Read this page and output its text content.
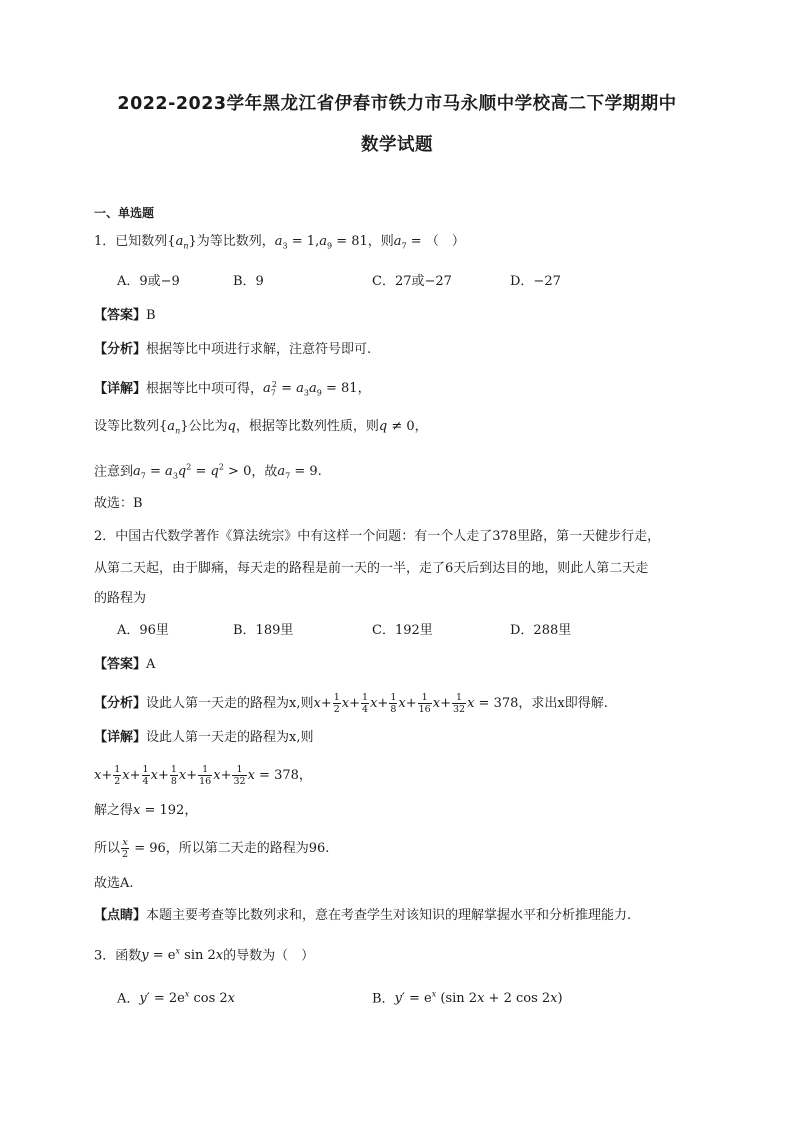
2022-2023学年黑龙江省伊春市铁力市马永顺中学校高二下学期期中
数学试题
一、单选题
1．已知数列$\{a_n\}$为等比数列，$a_3 = 1,a_9 = 81$，则$a_7$ = （　）
A．9或−9	B．9	C．27或−27	D．−27
【答案】B
【分析】根据等比中项进行求解，注意符号即可.
【详解】根据等比中项可得，$a_7^2 = a_3a_9 = 81$，
设等比数列$\{a_n\}$公比为q，根据等比数列性质，则q ≠ 0，
注意到$a_7 = a_3q^2 = q^2 > 0$，故$a_7 = 9$.
故选：B
2．中国古代数学著作《算法统宗》中有这样一个问题：有一个人走了378里路，第一天健步行走，
从第二天起，由于脚痛，每天走的路程是前一天的一半，走了6天后到达目的地，则此人第二天走
的路程为
A．96里	B．189里	C．192里	D．288里
【答案】A
【分析】设此人第一天走的路程为x,则$x+ \frac{1}{2} x+ \frac{1}{4} x+ \frac{1}{8} x+ \frac{1}{16} x+ \frac{1}{32}$ x = 378，求出x即得解.
【详解】设此人第一天走的路程为x,则
$x+ \frac{1}{2} x+ \frac{1}{4} x+ \frac{1}{8} x+ \frac{1}{16} x+ \frac{1}{32}$ x = 378，
解之得x = 192，
所以 $\frac{x}{2} = 96$，所以第二天走的路程为96.
故选A.
【点睛】本题主要考查等比数列求和，意在考查学生对该知识的理解掌握水平和分析推理能力.
3．函数$y = e^x$ sin 2x的导数为（　）
A．$y' = 2e^x$ cos 2x	B．$y' = e^x$ (sin 2x + 2 cos 2x)
